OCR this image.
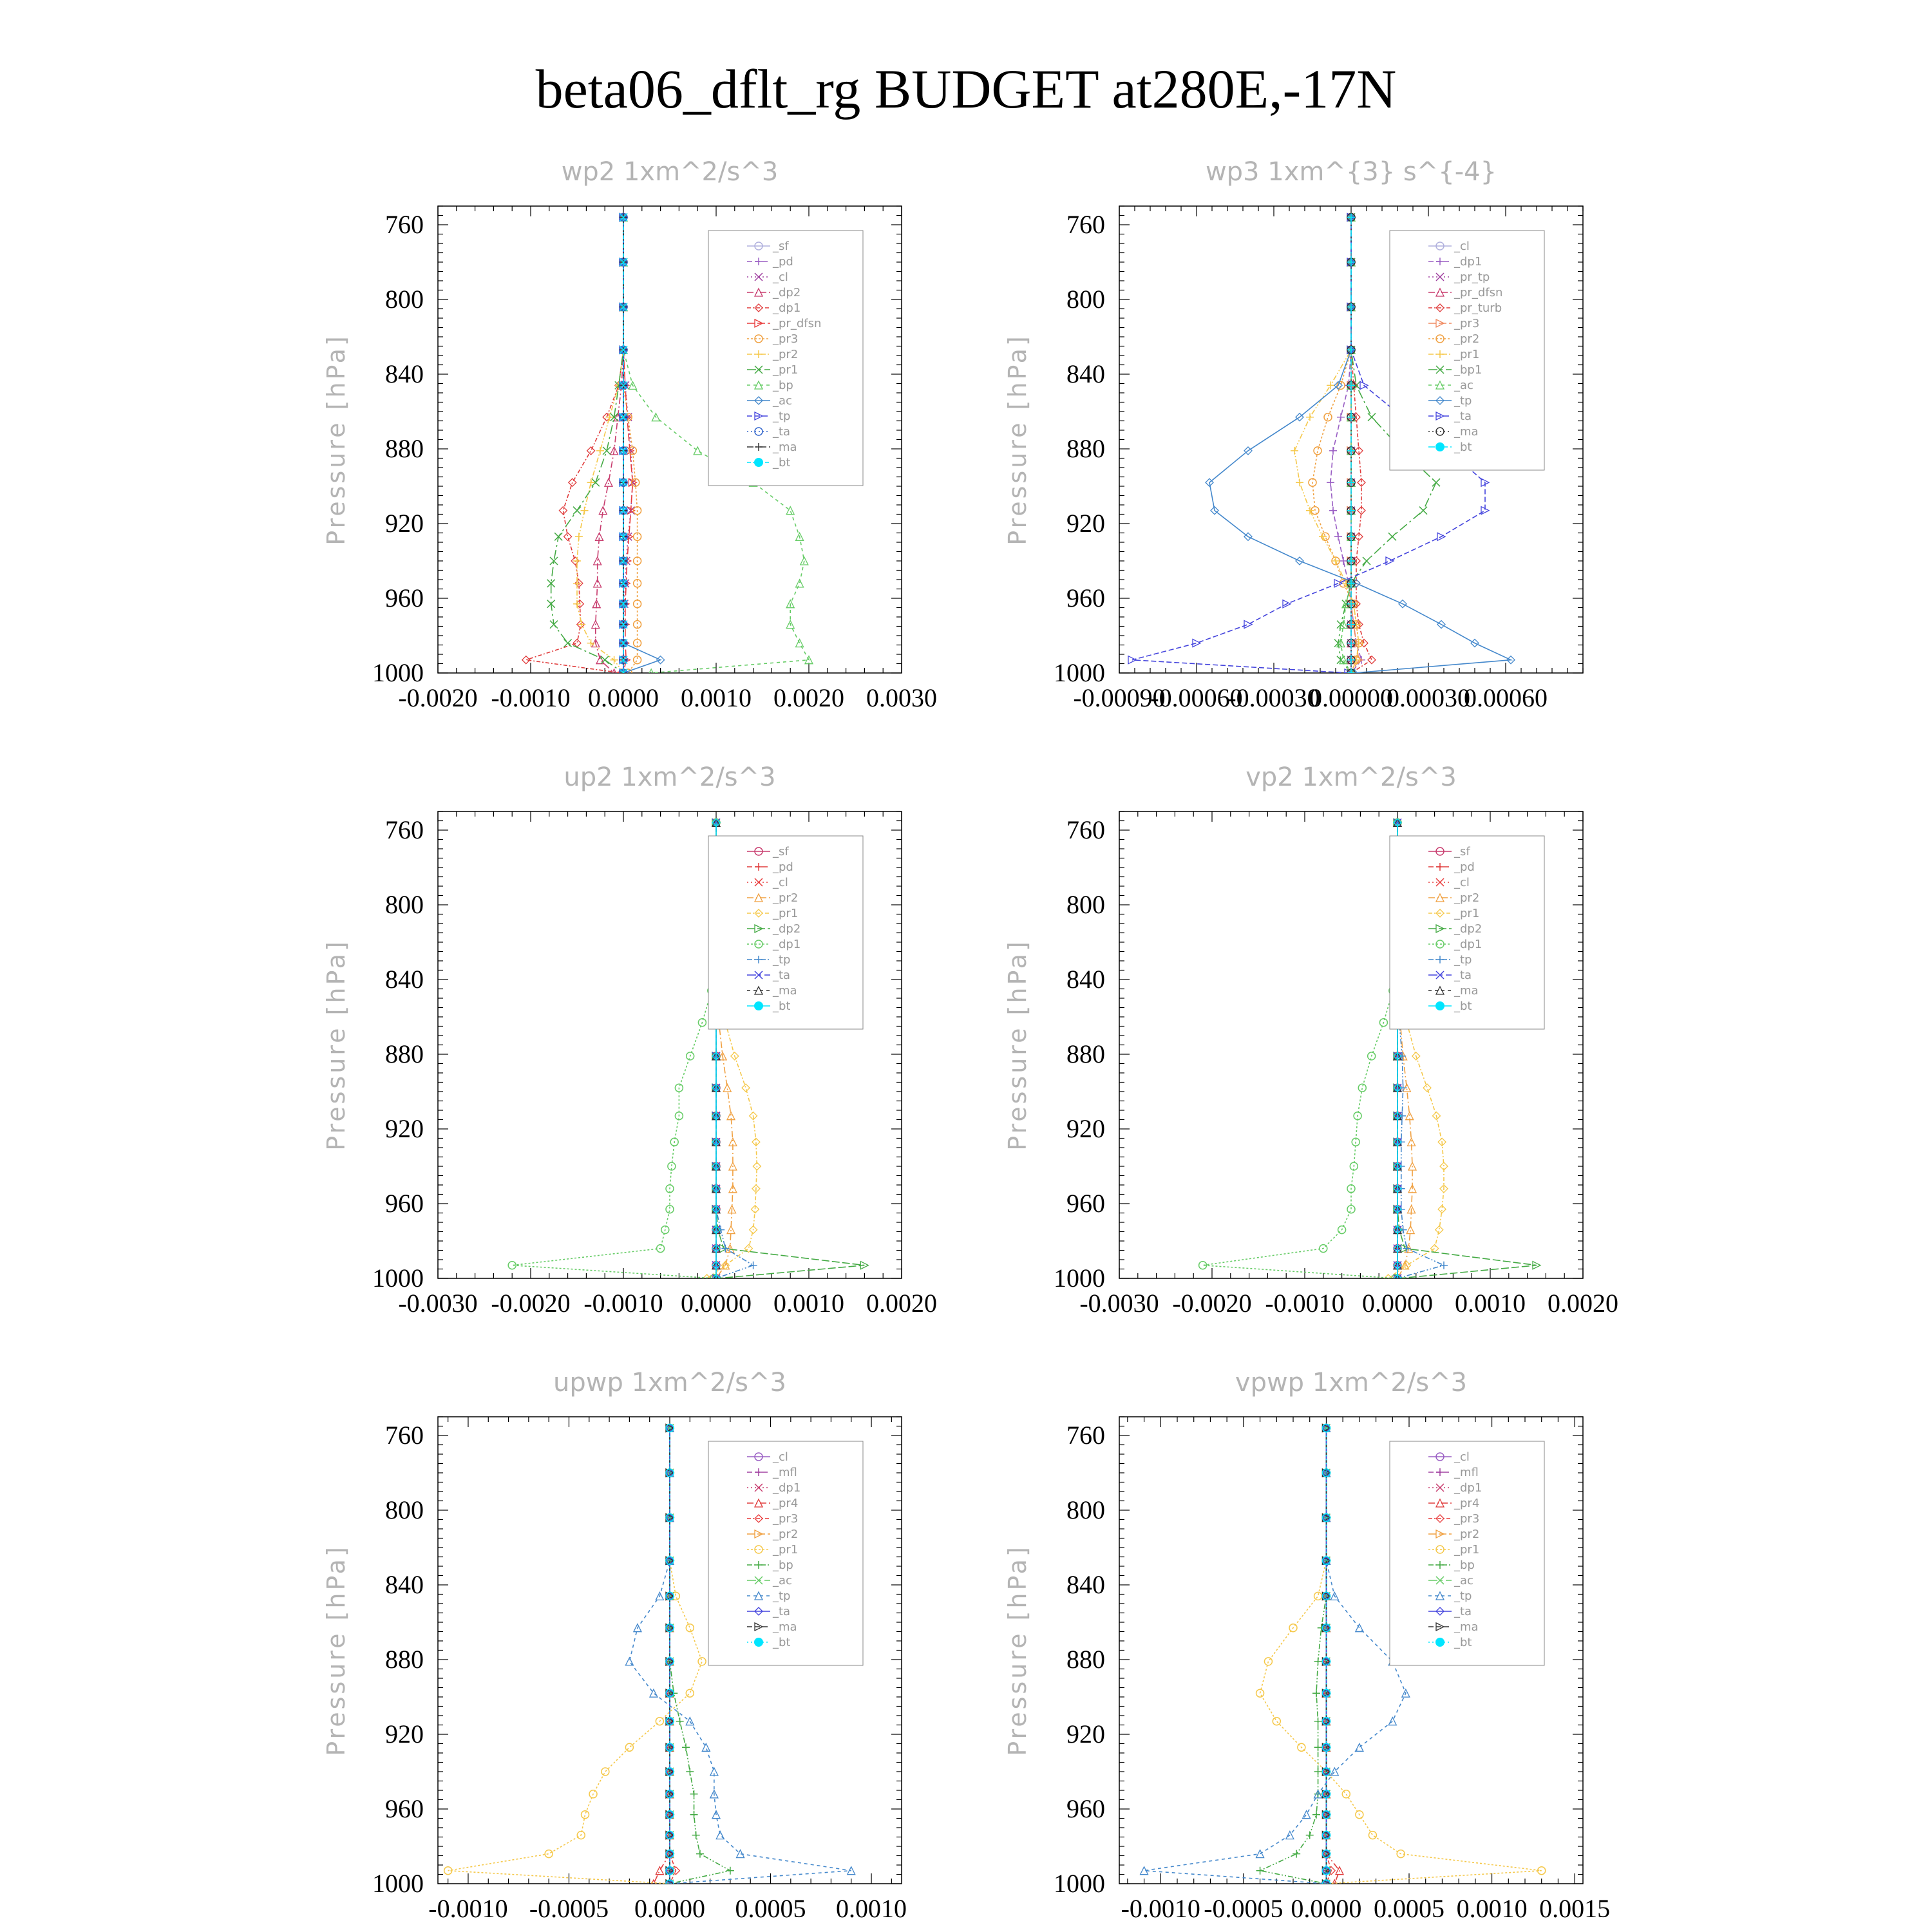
beta06_dflt_rg BUDGET at280E,-17N
wp2 1xm^2/s^3
Pressure [hPa]
760
800
840
880
920
960
1000
-0.0020 -0.0010 0.0000 0.0010 0.0020 0.0030
_sf
_pd
_cl
_dp2
_dp1
_pr_dfsn
_pr3
_pr2
_pr1
_bp
_ac
_tp
_ta
_ma
_bt
wp3 1xm^{3} s^{-4}
Pressure [hPa]
760
800
840
880
920
960
1000
-0.00090
-0.00060
-0.00030
0.00000
0.00030
0.00060
_cl
_dp1
_pr_tp
_pr_dfsn
_pr_turb
_pr3
_pr2
_pr1
_bp1
_ac
_tp
_ta
_ma
_bt
up2 1xm^2/s^3
Pressure [hPa]
760
800
840
880
920
960
1000
-0.0030 -0.0020 -0.0010 0.0000 0.0010 0.0020
_sf
_pd
_cl
_pr2
_pr1
_dp2
_dp1
_tp
_ta
_ma
_bt
vp2 1xm^2/s^3
Pressure [hPa]
760
800
840
880
920
960
1000
-0.0030 -0.0020 -0.0010 0.0000 0.0010 0.0020
_sf
_pd
_cl
_pr2
_pr1
_dp2
_dp1
_tp
_ta
_ma
_bt
upwp 1xm^2/s^3
Pressure [hPa]
760
800
840
880
920
960
1000
-0.0010 -0.0005 0.0000 0.0005 0.0010
_cl
_mfl
_dp1
_pr4
_pr3
_pr2
_pr1
_bp
_ac
_tp
_ta
_ma
_bt
vpwp 1xm^2/s^3
Pressure [hPa]
760
800
840
880
920
960
1000
-0.0010 -0.0005 0.0000 0.0005 0.0010 0.0015
_cl
_mfl
_dp1
_pr4
_pr3
_pr2
_pr1
_bp
_ac
_tp
_ta
_ma
_bt
